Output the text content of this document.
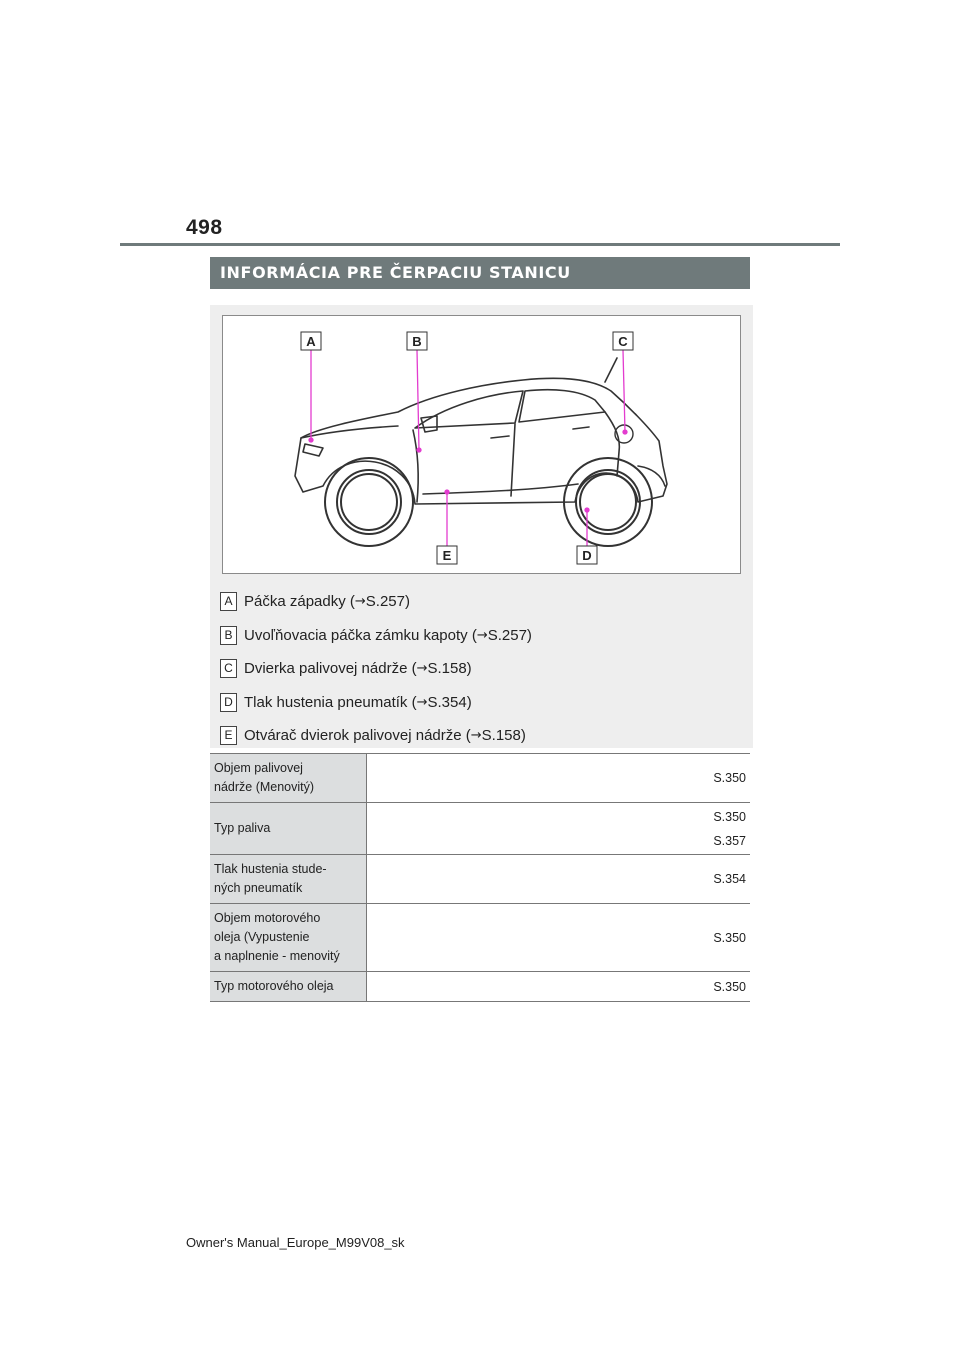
498
INFORMÁCIA PRE ČERPACIU STANICU
A	B	C
E	D
A Páčka západky ( → S.257)
B Uvoľňovacia páčka zámku kapoty ( → S.257)
C Dvierka palivovej nádrže ( → S.158)
D Tlak hustenia pneumatík ( → S.354)
E Otvárač dvierok palivovej nádrže ( → S.158)
Objem palivovej
nádrže (Menovitý)	S.350

Typ paliva	S.350
S.357

Tlak hustenia stude-
ných pneumatík	S.354

Objem motorového
oleja (Vypustenie
a naplnenie - menovitý	S.350

Typ motorového oleja	S.350
Owner's Manual_Europe_M99V08_sk
